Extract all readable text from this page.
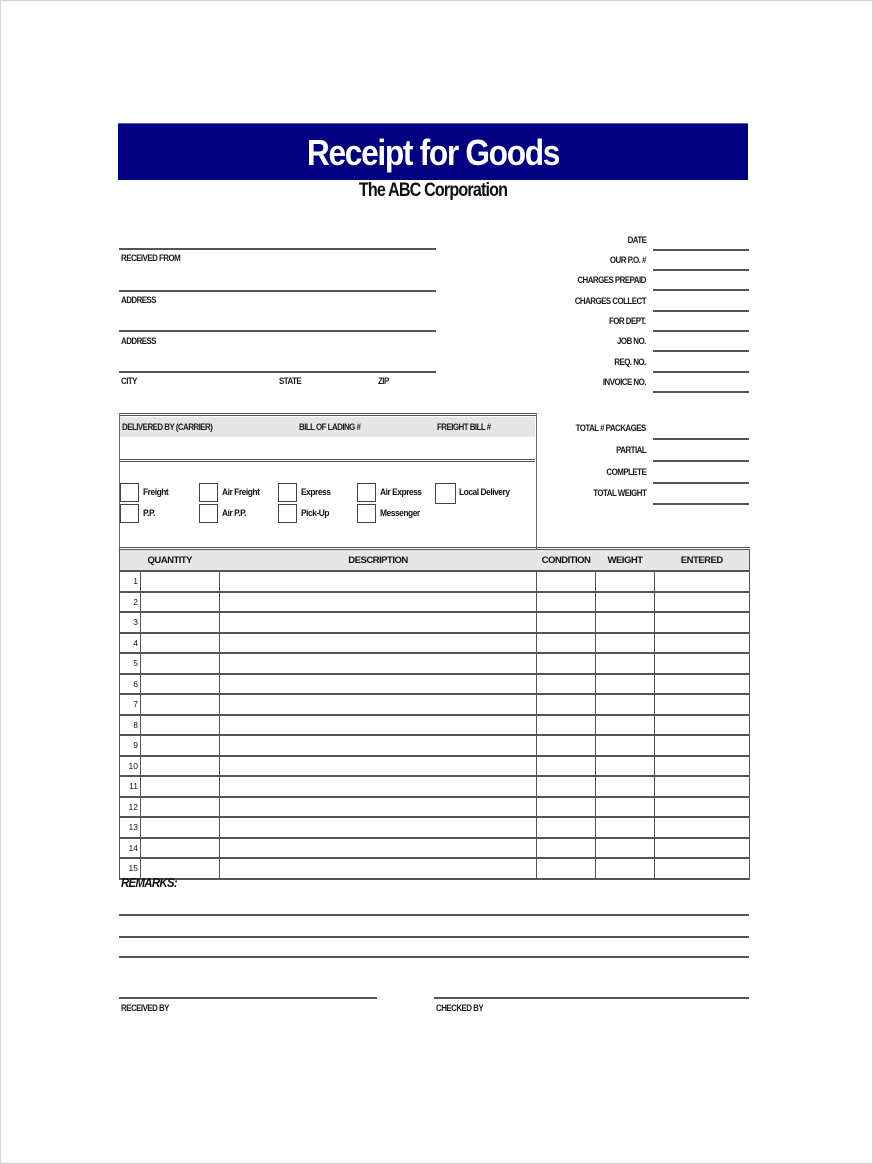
Receipt for Goods
The ABC Corporation
RECEIVED FROM
ADDRESS
ADDRESS
CITY	STATE	ZIP
DATE
OUR P.O. #
CHARGES PREPAID
CHARGES COLLECT
FOR DEPT.
JOB NO.
REQ. NO.
INVOICE NO.
DELIVERED BY (CARRIER)	BILL OF LADING #	FREIGHT BILL #
Freight
P.P.
Air Freight
Air P.P.
Express
Pick-Up
Air Express
Messenger
Local Delivery
TOTAL # PACKAGES
PARTIAL
COMPLETE
TOTAL WEIGHT
QUANTITY		DESCRIPTION	CONDITION	WEIGHT	ENTERED
1					
2					
3					
4					
5					
6					
7					
8					
9					
10					
11					
12					
13					
14					
15					
REMARKS:
RECEIVED BY	CHECKED BY
